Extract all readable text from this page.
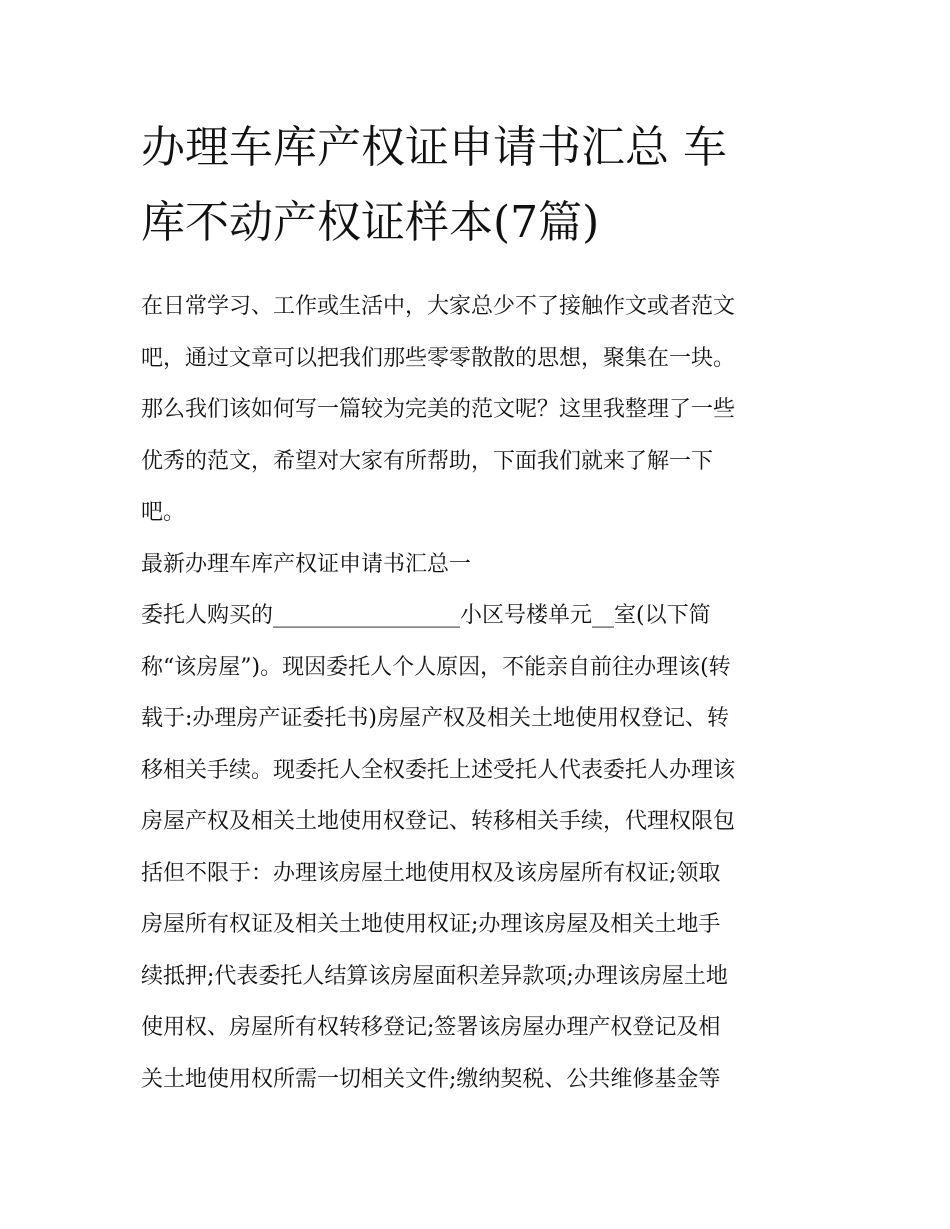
办理车库产权证申请书汇总 车
库不动产权证样本(7篇)
在日常学习、工作或生活中，大家总少不了接触作文或者范文
吧，通过文章可以把我们那些零零散散的思想，聚集在一块。
那么我们该如何写一篇较为完美的范文呢？这里我整理了一些
优秀的范文，希望对大家有所帮助，下面我们就来了解一下
吧。
最新办理车库产权证申请书汇总一
委托人购买的_________________小区号楼单元__室(以下简
称“该房屋”)。现因委托人个人原因，不能亲自前往办理该(转
载于:办理房产证委托书)房屋产权及相关土地使用权登记、转
移相关手续。现委托人全权委托上述受托人代表委托人办理该
房屋产权及相关土地使用权登记、转移相关手续，代理权限包
括但不限于：办理该房屋土地使用权及该房屋所有权证;领取
房屋所有权证及相关土地使用权证;办理该房屋及相关土地手
续抵押;代表委托人结算该房屋面积差异款项;办理该房屋土地
使用权、房屋所有权转移登记;签署该房屋办理产权登记及相
关土地使用权所需一切相关文件;缴纳契税、公共维修基金等
